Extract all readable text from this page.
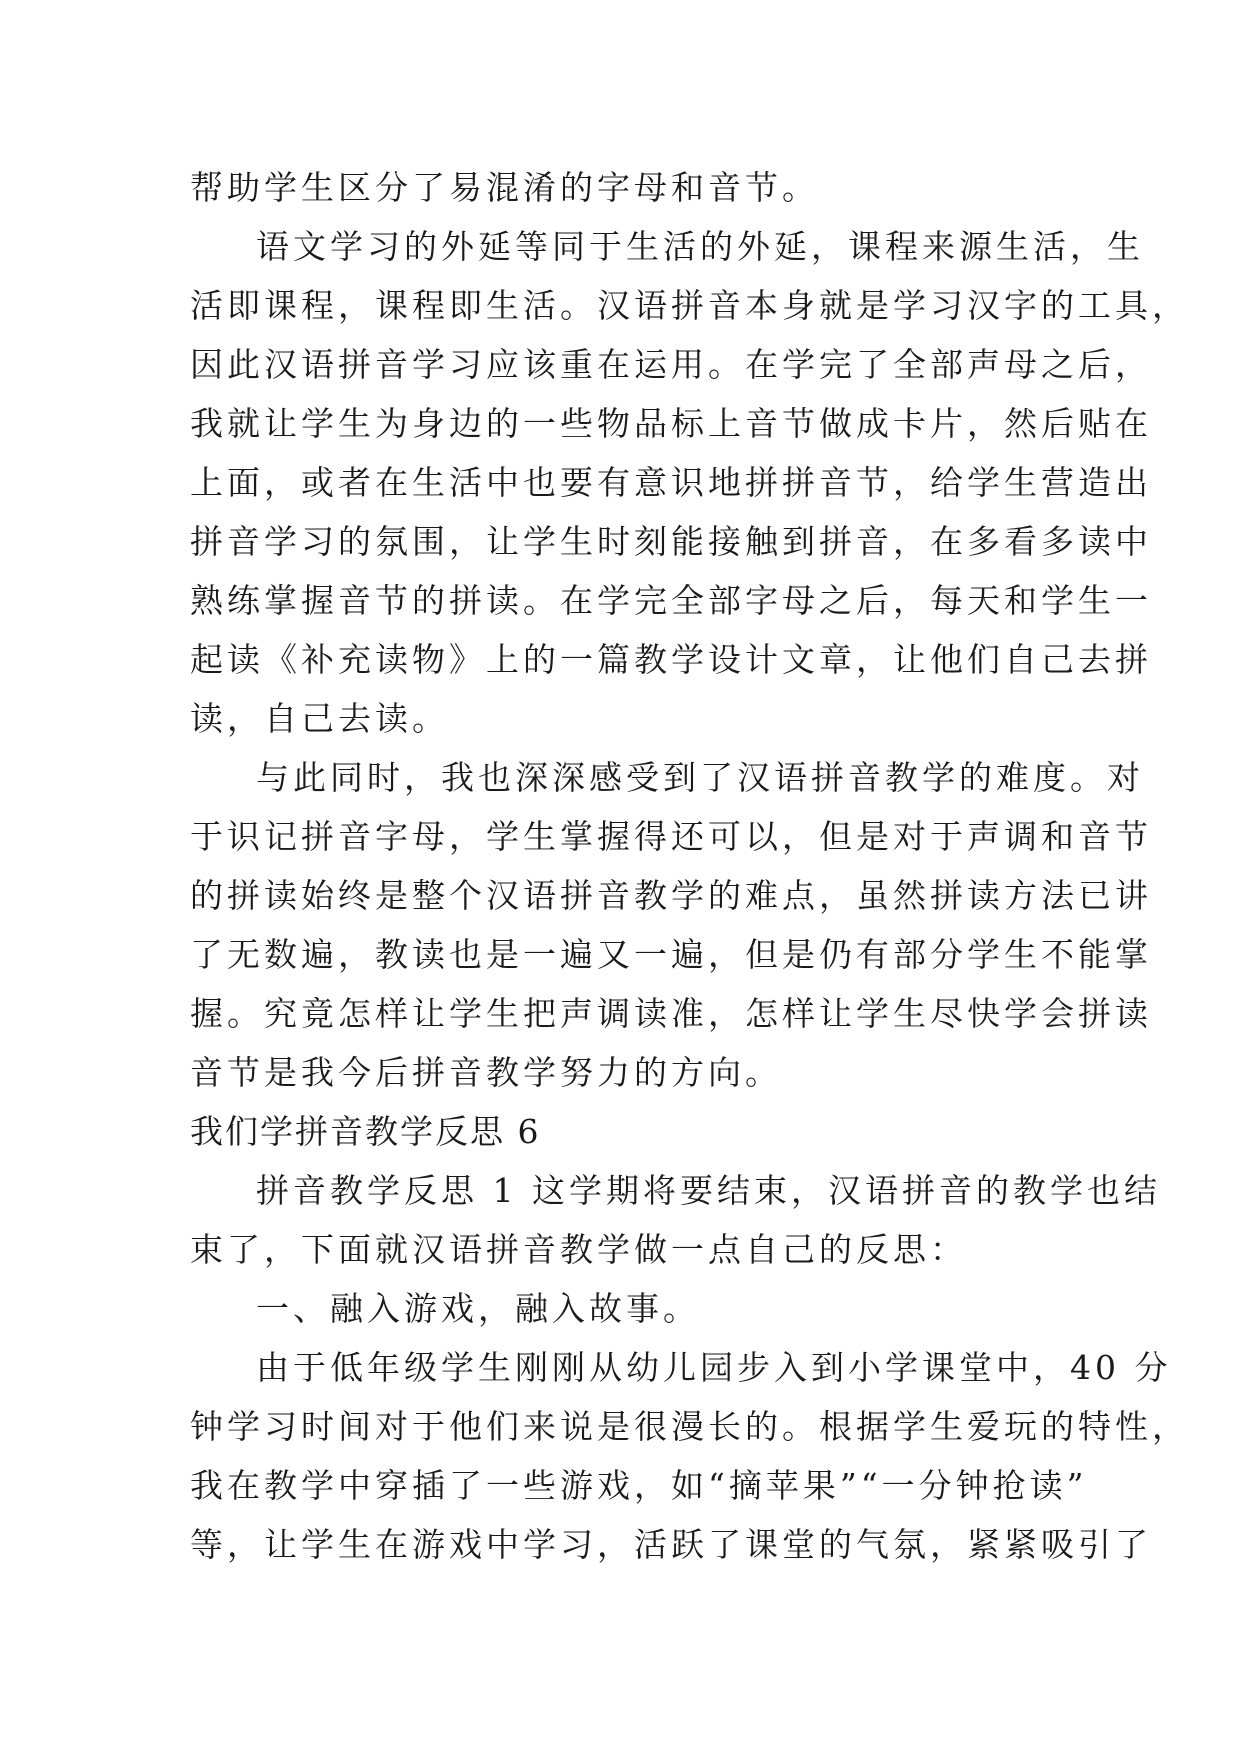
帮助学生区分了易混淆的字母和音节。
语文学习的外延等同于生活的外延，课程来源生活，生
活即课程，课程即生活。汉语拼音本身就是学习汉字的工具，
因此汉语拼音学习应该重在运用。在学完了全部声母之后，
我就让学生为身边的一些物品标上音节做成卡片，然后贴在
上面，或者在生活中也要有意识地拼拼音节，给学生营造出
拼音学习的氛围，让学生时刻能接触到拼音，在多看多读中
熟练掌握音节的拼读。在学完全部字母之后，每天和学生一
起读《补充读物》上的一篇教学设计文章，让他们自己去拼
读，自己去读。
与此同时，我也深深感受到了汉语拼音教学的难度。对
于识记拼音字母，学生掌握得还可以，但是对于声调和音节
的拼读始终是整个汉语拼音教学的难点，虽然拼读方法已讲
了无数遍，教读也是一遍又一遍，但是仍有部分学生不能掌
握。究竟怎样让学生把声调读准，怎样让学生尽快学会拼读
音节是我今后拼音教学努力的方向。
我们学拼音教学反思 6
拼音教学反思 1 这学期将要结束，汉语拼音的教学也结
束了，下面就汉语拼音教学做一点自己的反思：
一、融入游戏，融入故事。
由于低年级学生刚刚从幼儿园步入到小学课堂中，40 分
钟学习时间对于他们来说是很漫长的。根据学生爱玩的特性，
我在教学中穿插了一些游戏，如“摘苹果”“一分钟抢读”
等，让学生在游戏中学习，活跃了课堂的气氛，紧紧吸引了
